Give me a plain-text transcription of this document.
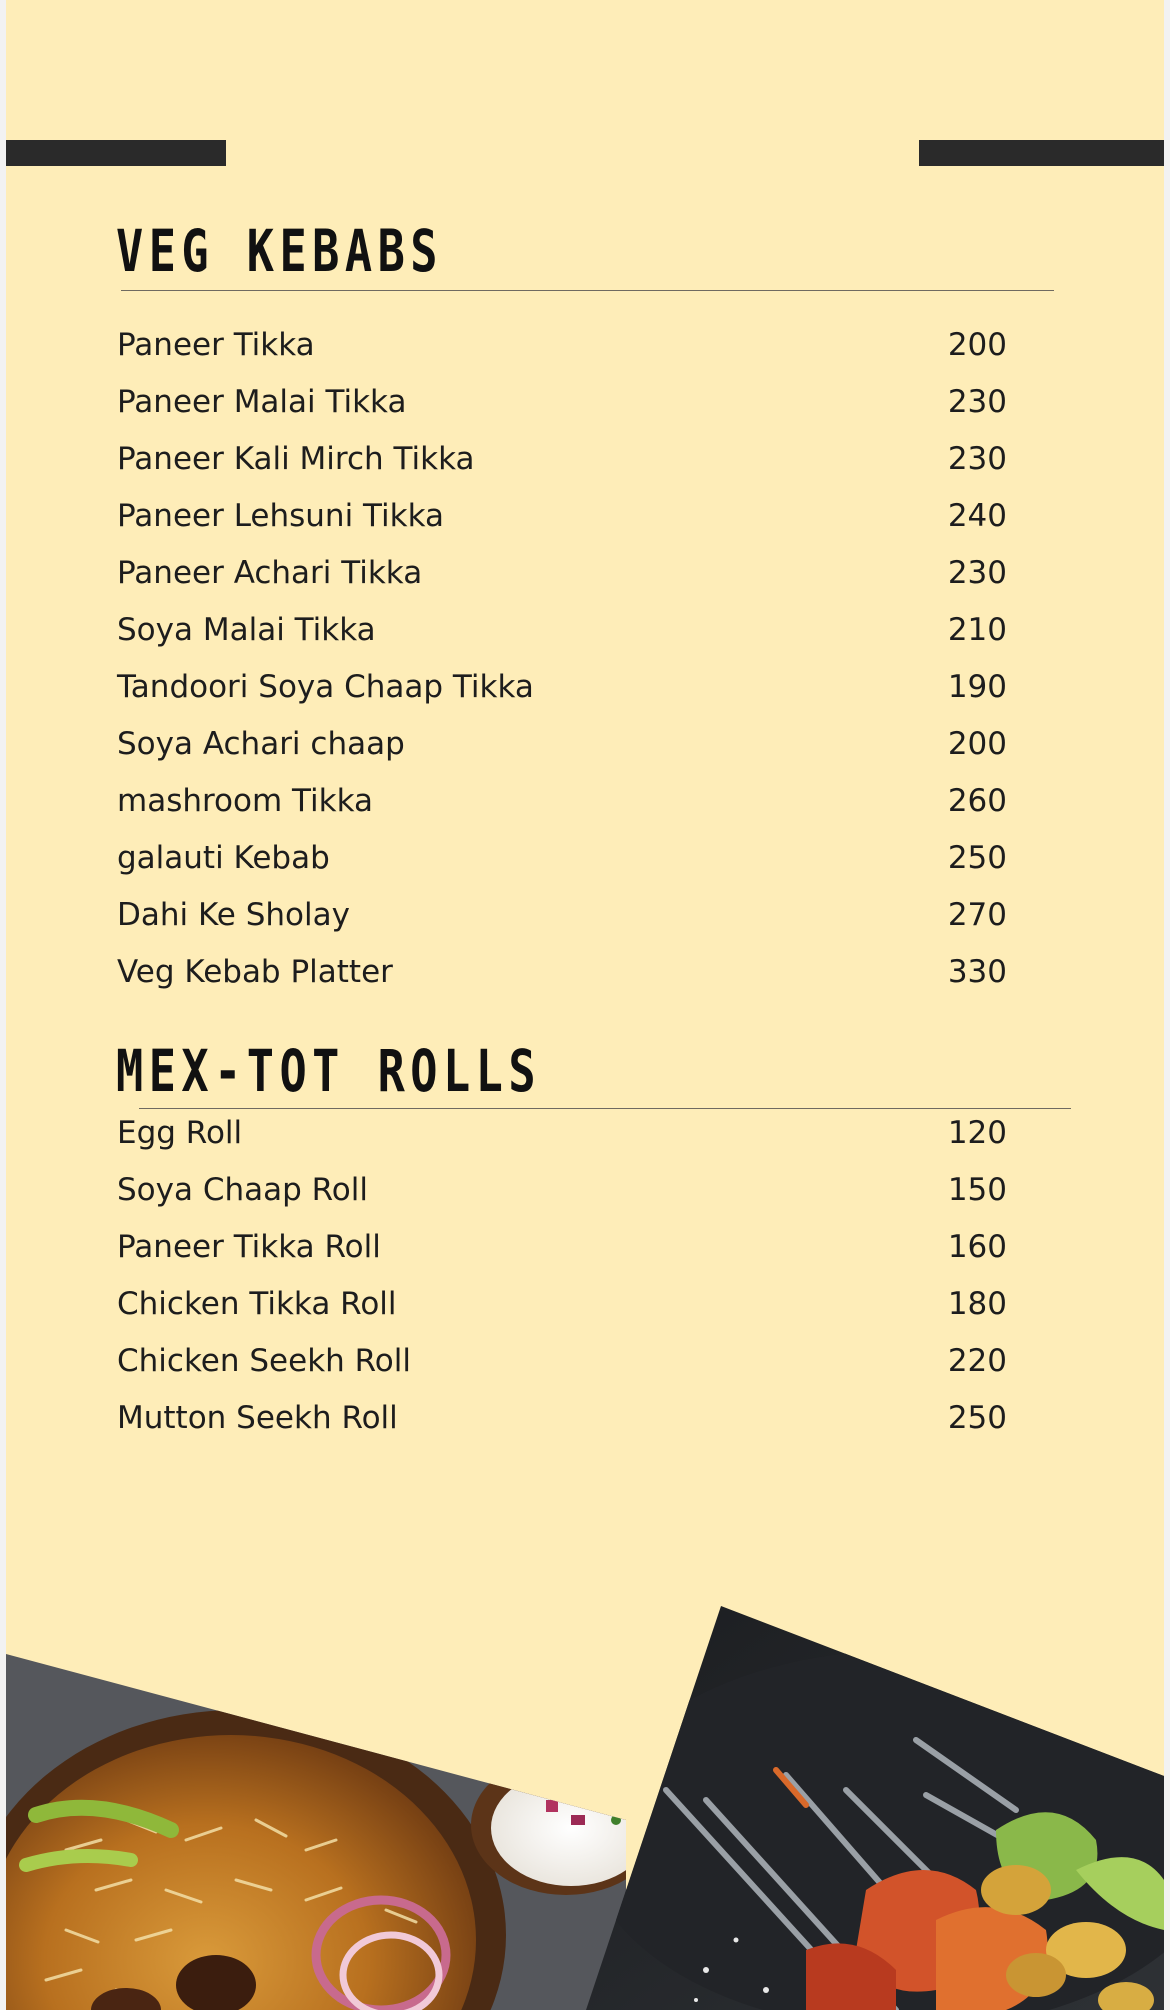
VEG KEBABS
Paneer Tikka	200
Paneer Malai Tikka	230
Paneer Kali Mirch Tikka	230
Paneer Lehsuni Tikka	240
Paneer Achari Tikka	230
Soya Malai Tikka	210
Tandoori Soya Chaap Tikka	190
Soya Achari chaap	200
mashroom Tikka	260
galauti Kebab	250
Dahi Ke Sholay	270
Veg Kebab Platter	330
MEX-TOT ROLLS
Egg Roll	120
Soya Chaap Roll	150
Paneer Tikka Roll	160
Chicken Tikka Roll	180
Chicken Seekh Roll	220
Mutton Seekh Roll	250
